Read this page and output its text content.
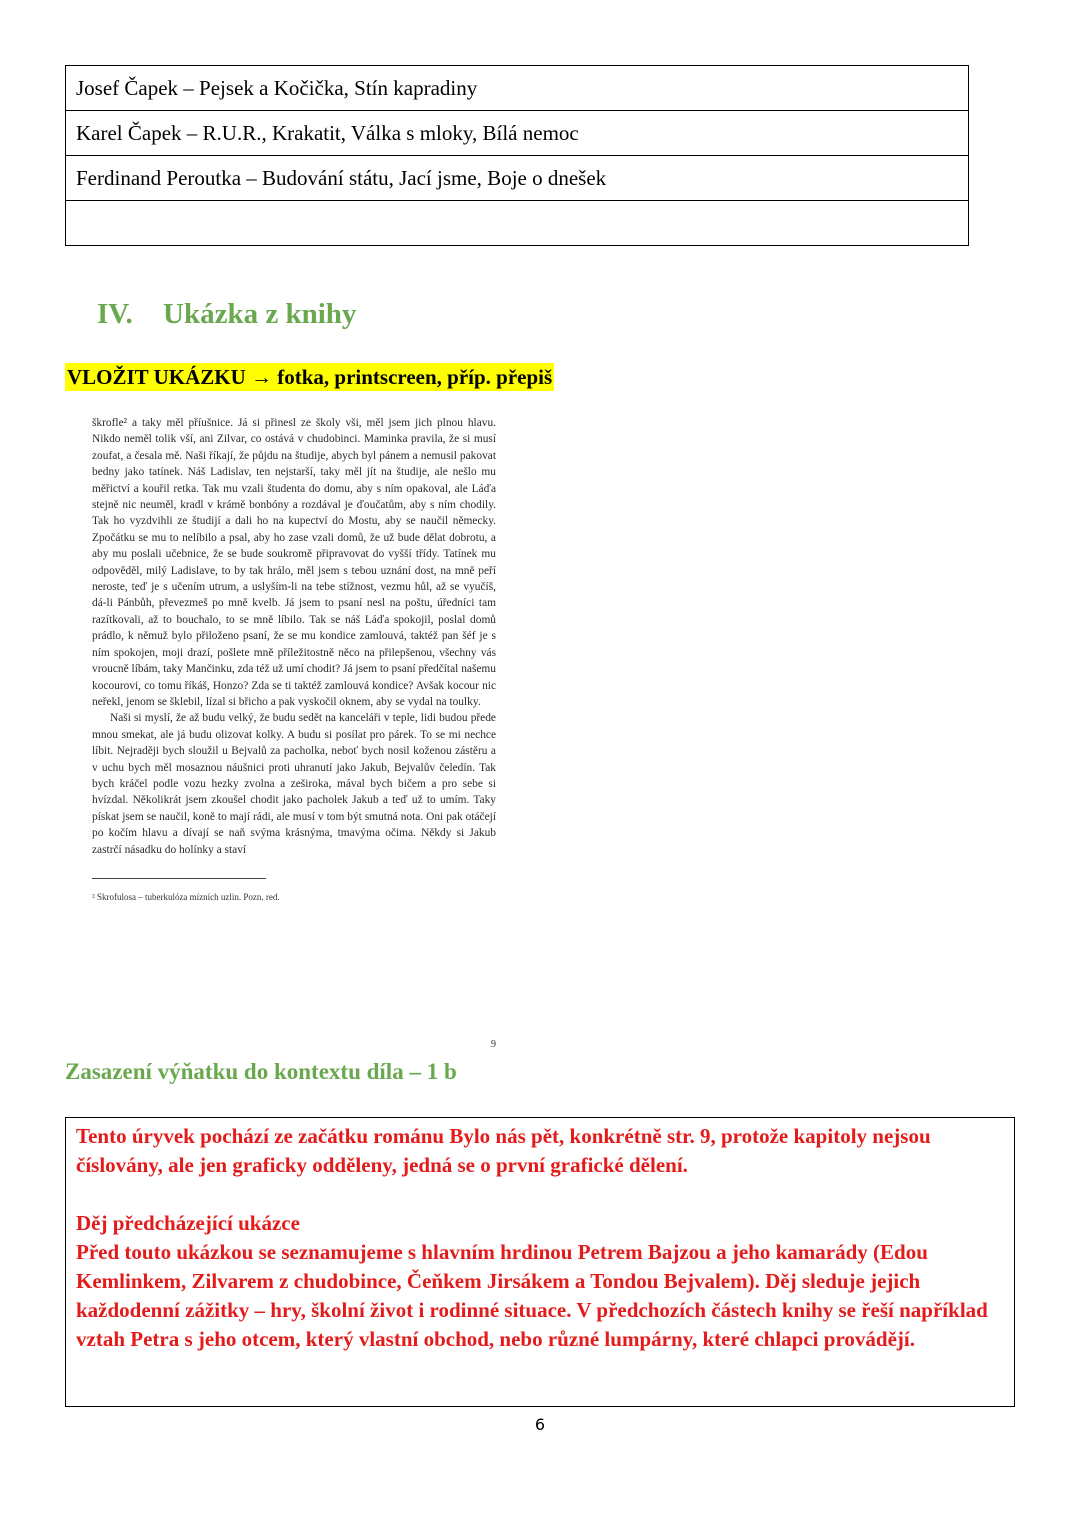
Josef Čapek – Pejsek a Kočička, Stín kapradiny
Karel Čapek – R.U.R., Krakatit, Válka s mloky, Bílá nemoc
Ferdinand Peroutka – Budování státu, Jací jsme, Boje o dnešek

IV. Ukázka z knihy

VLOŽIT UKÁZKU → fotka, printscreen, příp. přepiš

škrofle² a taky měl příušnice. Já si přinesl ze školy vši, měl jsem jich plnou hlavu. Nikdo neměl tolik vší, ani Zilvar, co ostává v chudobinci. Maminka pravila, že si musí zoufat, a česala mě. Naši říkají, že půjdu na študije, abych byl pánem a nemusil pakovat bedny jako tatínek. Náš Ladislav, ten nejstarší, taky měl jít na študije, ale nešlo mu měřictví a kouřil retka. Tak mu vzali študenta do domu, aby s ním opakoval, ale Láďa stejně nic neuměl, kradl v krámě bonbóny a rozdával je ďoučatům, aby s ním chodily. Tak ho vyzdvihli ze študijí a dali ho na kupectví do Mostu, aby se naučil německy. Zpočátku se mu to nelíbilo a psal, aby ho zase vzali domů, že už bude dělat dobrotu, a aby mu poslali učebnice, že se bude soukromě připravovat do vyšší třídy. Tatínek mu odpověděl, milý Ladislave, to by tak hrálo, měl jsem s tebou uznání dost, na mně peří neroste, teď je s učením utrum, a uslyším-li na tebe stížnost, vezmu hůl, až se vyučíš, dá-li Pánbůh, převezmeš po mně kvelb. Já jsem to psaní nesl na poštu, úředníci tam razítkovali, až to bouchalo, to se mně líbilo. Tak se náš Láďa spokojil, poslal domů prádlo, k němuž bylo přiloženo psaní, že se mu kondice zamlouvá, taktéž pan šéf je s ním spokojen, moji drazí, pošlete mně příležitostně něco na přilepšenou, všechny vás vroucně líbám, taky Mančinku, zda též už umí chodit? Já jsem to psaní předčítal našemu kocourovi, co tomu říkáš, Honzo? Zda se ti taktéž zamlouvá kondice? Avšak kocour nic neřekl, jenom se šklebil, lízal si břicho a pak vyskočil oknem, aby se vydal na toulky.

Naši si myslí, že až budu velký, že budu sedět na kanceláři v teple, lidi budou přede mnou smekat, ale já budu olizovat kolky. A budu si posílat pro párek. To se mi nechce líbit. Nejraději bych sloužil u Bejvalů za pacholka, neboť bych nosil koženou zástěru a v uchu bych měl mosaznou náušnici proti uhranutí jako Jakub, Bejvalův čeledín. Tak bych kráčel podle vozu hezky zvolna a zeširoka, mával bych bičem a pro sebe si hvízdal. Několikrát jsem zkoušel chodit jako pacholek Jakub a teď už to umím. Taky pískat jsem se naučil, koně to mají rádi, ale musí v tom být smutná nota. Oni pak otáčejí po kočím hlavu a dívají se naň svýma krásnýma, tmavýma očima. Někdy si Jakub zastrčí násadku do holínky a staví

² Skrofulosa – tuberkulóza mízních uzlin. Pozn. red.
9
Zasazení výňatku do kontextu díla – 1 b

Tento úryvek pochází ze začátku románu Bylo nás pět, konkrétně str. 9, protože kapitoly nejsou číslovány, ale jen graficky odděleny, jedná se o první grafické dělení.

Děj předcházející ukázce

Před touto ukázkou se seznamujeme s hlavním hrdinou Petrem Bajzou a jeho kamarády (Edou Kemlinkem, Zilvarem z chudobince, Čeňkem Jirsákem a Tondou Bejvalem). Děj sleduje jejich každodenní zážitky – hry, školní život i rodinné situace. V předchozích částech knihy se řeší například vztah Petra s jeho otcem, který vlastní obchod, nebo různé lumpárny, které chlapci provádějí.

6
